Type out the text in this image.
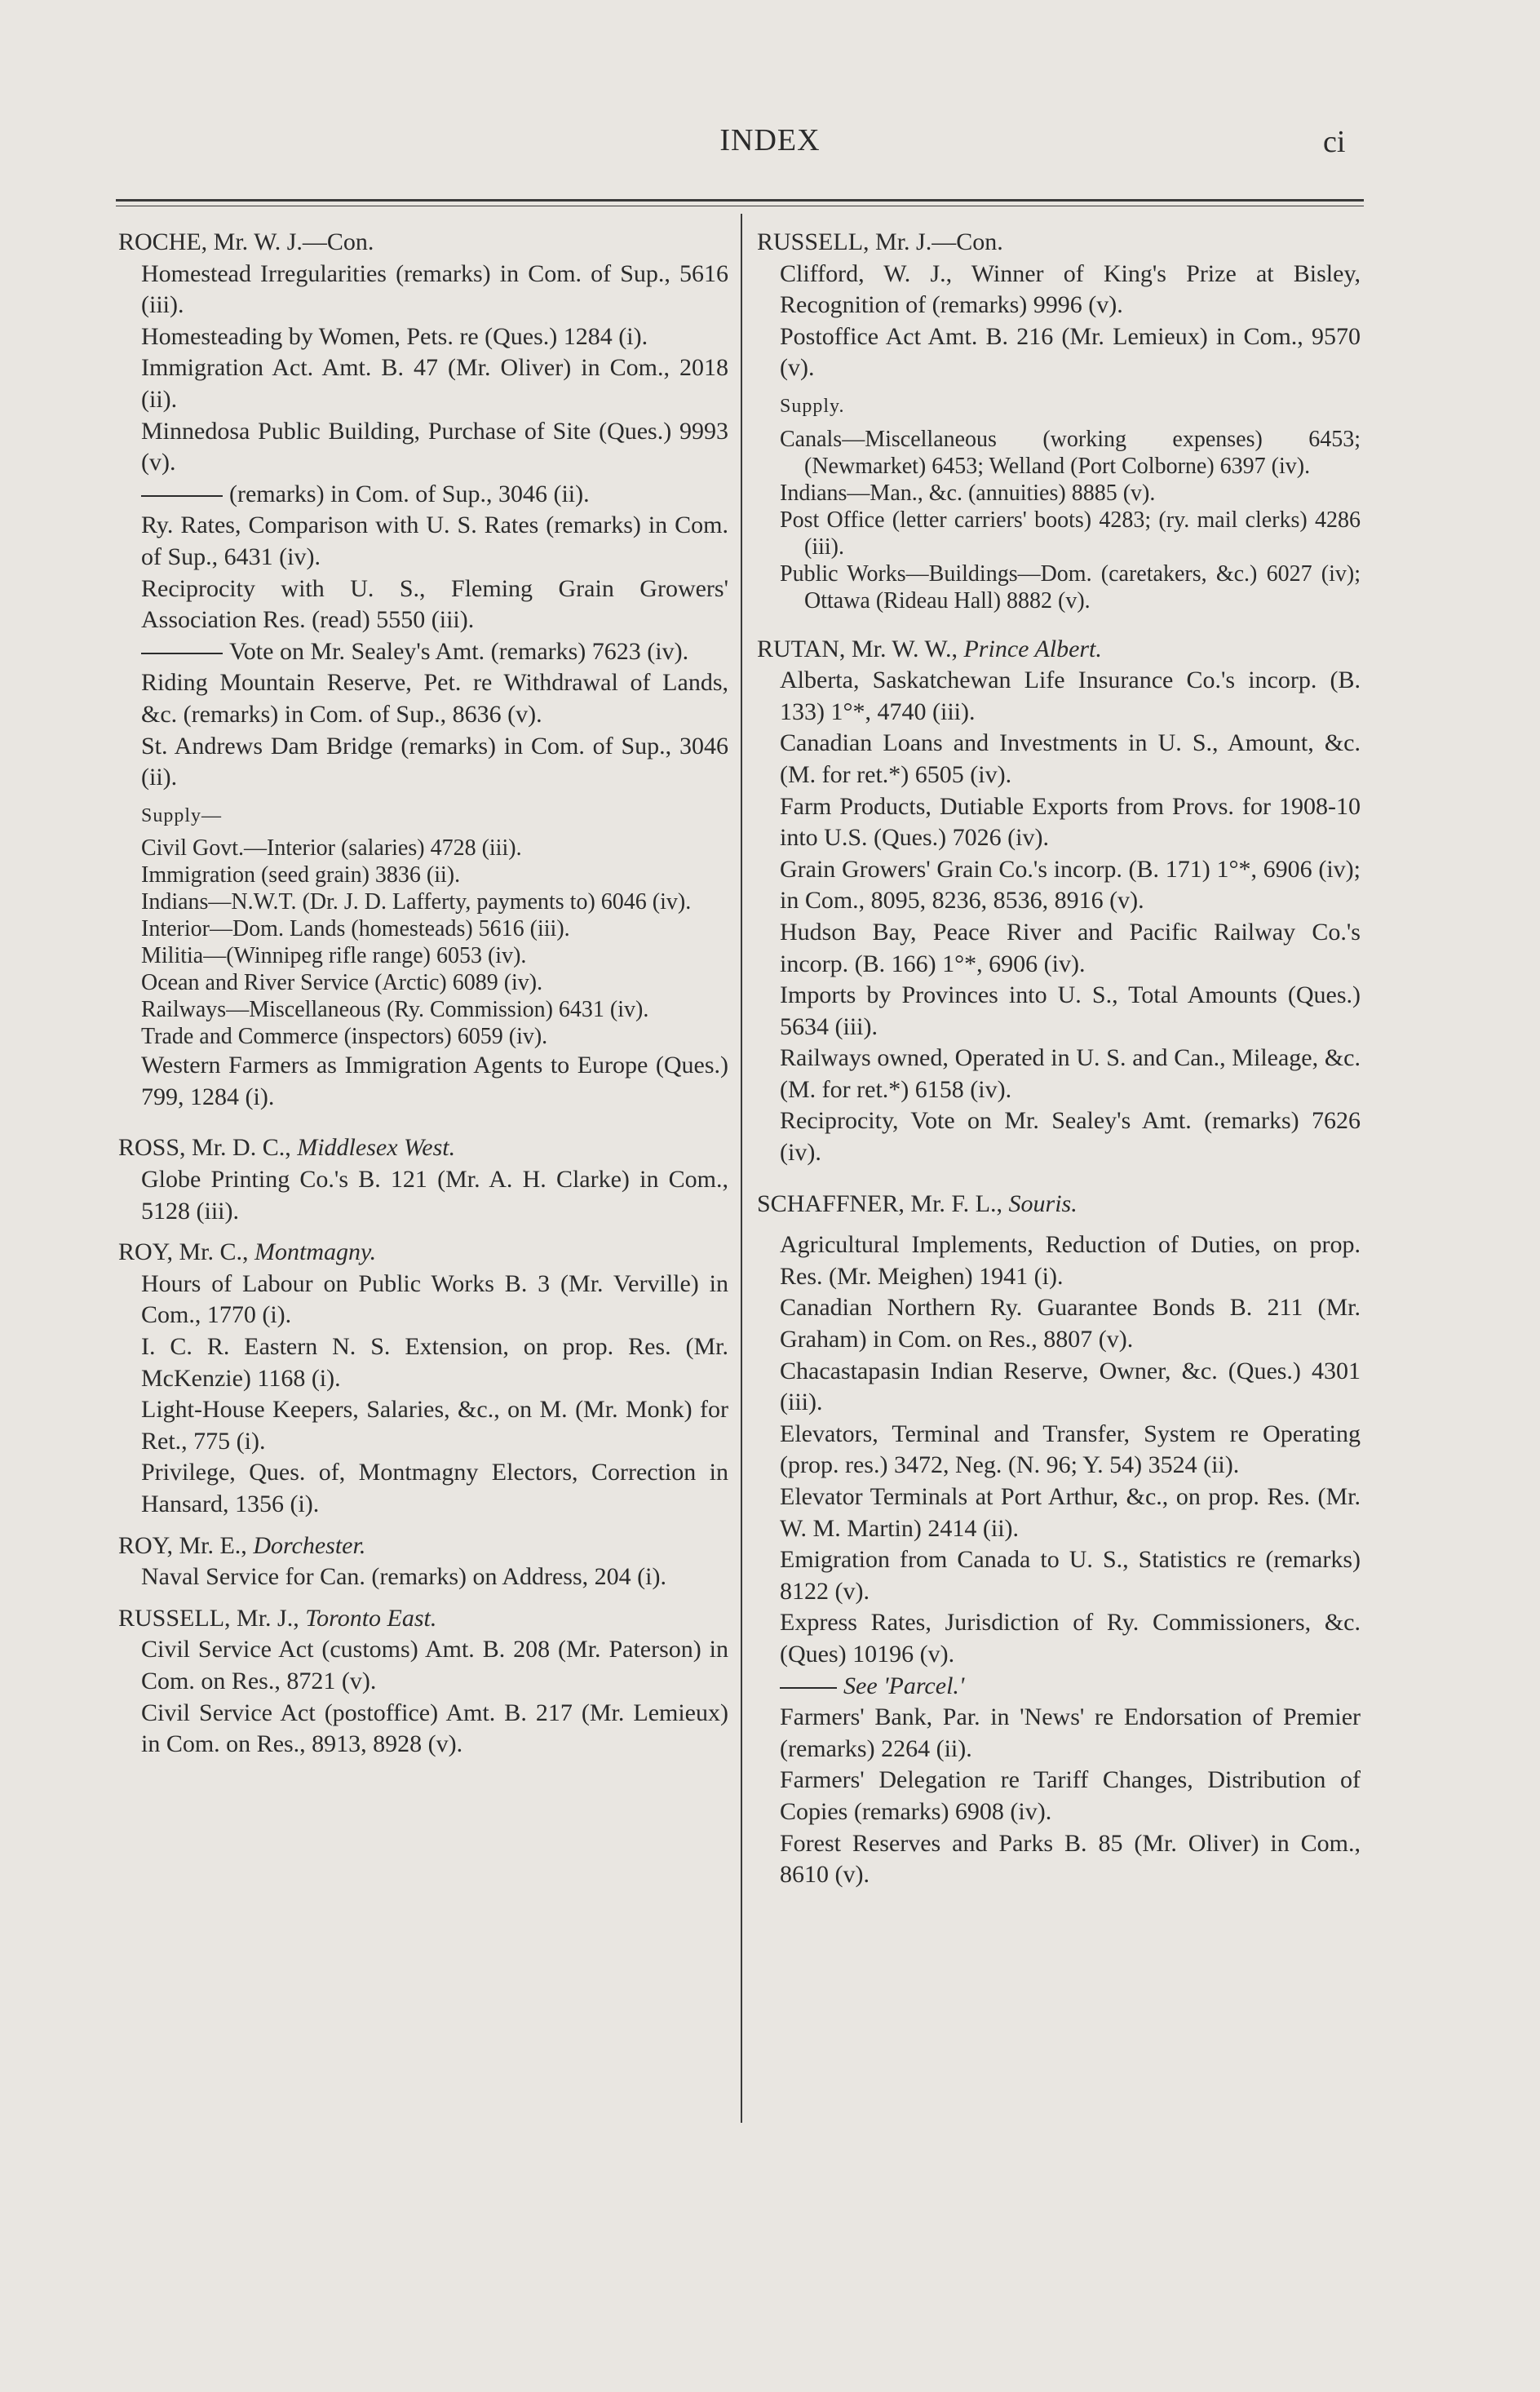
INDEX	ci

ROCHE, Mr. W. J.—Con.

Homestead Irregularities (remarks) in Com. of Sup., 5616 (iii).

Homesteading by Women, Pets. re (Ques.) 1284 (i).

Immigration Act. Amt. B. 47 (Mr. Oliver) in Com., 2018 (ii).

Minnedosa Public Building, Purchase of Site (Ques.) 9993 (v).

(remarks) in Com. of Sup., 3046 (ii).

Ry. Rates, Comparison with U. S. Rates (remarks) in Com. of Sup., 6431 (iv).

Reciprocity with U. S., Fleming Grain Growers' Association Res. (read) 5550 (iii).

Vote on Mr. Sealey's Amt. (remarks) 7623 (iv).

Riding Mountain Reserve, Pet. re Withdrawal of Lands, &c. (remarks) in Com. of Sup., 8636 (v).

St. Andrews Dam Bridge (remarks) in Com. of Sup., 3046 (ii).

Supply—

Civil Govt.—Interior (salaries) 4728 (iii).

Immigration (seed grain) 3836 (ii).

Indians—N.W.T. (Dr. J. D. Lafferty, payments to) 6046 (iv).

Interior—Dom. Lands (homesteads) 5616 (iii).

Militia—(Winnipeg rifle range) 6053 (iv).

Ocean and River Service (Arctic) 6089 (iv).

Railways—Miscellaneous (Ry. Commission) 6431 (iv).

Trade and Commerce (inspectors) 6059 (iv).

Western Farmers as Immigration Agents to Europe (Ques.) 799, 1284 (i).

ROSS, Mr. D. C., Middlesex West.

Globe Printing Co.'s B. 121 (Mr. A. H. Clarke) in Com., 5128 (iii).

ROY, Mr. C., Montmagny.

Hours of Labour on Public Works B. 3 (Mr. Verville) in Com., 1770 (i).

I. C. R. Eastern N. S. Extension, on prop. Res. (Mr. McKenzie) 1168 (i).

Light-House Keepers, Salaries, &c., on M. (Mr. Monk) for Ret., 775 (i).

Privilege, Ques. of, Montmagny Electors, Correction in Hansard, 1356 (i).

ROY, Mr. E., Dorchester.

Naval Service for Can. (remarks) on Address, 204 (i).

RUSSELL, Mr. J., Toronto East.

Civil Service Act (customs) Amt. B. 208 (Mr. Paterson) in Com. on Res., 8721 (v).

Civil Service Act (postoffice) Amt. B. 217 (Mr. Lemieux) in Com. on Res., 8913, 8928 (v).

RUSSELL, Mr. J.—Con.

Clifford, W. J., Winner of King's Prize at Bisley, Recognition of (remarks) 9996 (v).

Postoffice Act Amt. B. 216 (Mr. Lemieux) in Com., 9570 (v).

Supply.

Canals—Miscellaneous (working expenses) 6453; (Newmarket) 6453; Welland (Port Colborne) 6397 (iv).

Indians—Man., &c. (annuities) 8885 (v).

Post Office (letter carriers' boots) 4283; (ry. mail clerks) 4286 (iii).

Public Works—Buildings—Dom. (caretakers, &c.) 6027 (iv); Ottawa (Rideau Hall) 8882 (v).

RUTAN, Mr. W. W., Prince Albert.

Alberta, Saskatchewan Life Insurance Co.'s incorp. (B. 133) 1°*, 4740 (iii).

Canadian Loans and Investments in U. S., Amount, &c. (M. for ret.*) 6505 (iv).

Farm Products, Dutiable Exports from Provs. for 1908-10 into U.S. (Ques.) 7026 (iv).

Grain Growers' Grain Co.'s incorp. (B. 171) 1°*, 6906 (iv); in Com., 8095, 8236, 8536, 8916 (v).

Hudson Bay, Peace River and Pacific Railway Co.'s incorp. (B. 166) 1°*, 6906 (iv).

Imports by Provinces into U. S., Total Amounts (Ques.) 5634 (iii).

Railways owned, Operated in U. S. and Can., Mileage, &c. (M. for ret.*) 6158 (iv).

Reciprocity, Vote on Mr. Sealey's Amt. (remarks) 7626 (iv).

SCHAFFNER, Mr. F. L., Souris.

Agricultural Implements, Reduction of Duties, on prop. Res. (Mr. Meighen) 1941 (i).

Canadian Northern Ry. Guarantee Bonds B. 211 (Mr. Graham) in Com. on Res., 8807 (v).

Chacastapasin Indian Reserve, Owner, &c. (Ques.) 4301 (iii).

Elevators, Terminal and Transfer, System re Operating (prop. res.) 3472, Neg. (N. 96; Y. 54) 3524 (ii).

Elevator Terminals at Port Arthur, &c., on prop. Res. (Mr. W. M. Martin) 2414 (ii).

Emigration from Canada to U. S., Statistics re (remarks) 8122 (v).

Express Rates, Jurisdiction of Ry. Commissioners, &c. (Ques) 10196 (v).

See 'Parcel.'

Farmers' Bank, Par. in 'News' re Endorsation of Premier (remarks) 2264 (ii).

Farmers' Delegation re Tariff Changes, Distribution of Copies (remarks) 6908 (iv).

Forest Reserves and Parks B. 85 (Mr. Oliver) in Com., 8610 (v).
